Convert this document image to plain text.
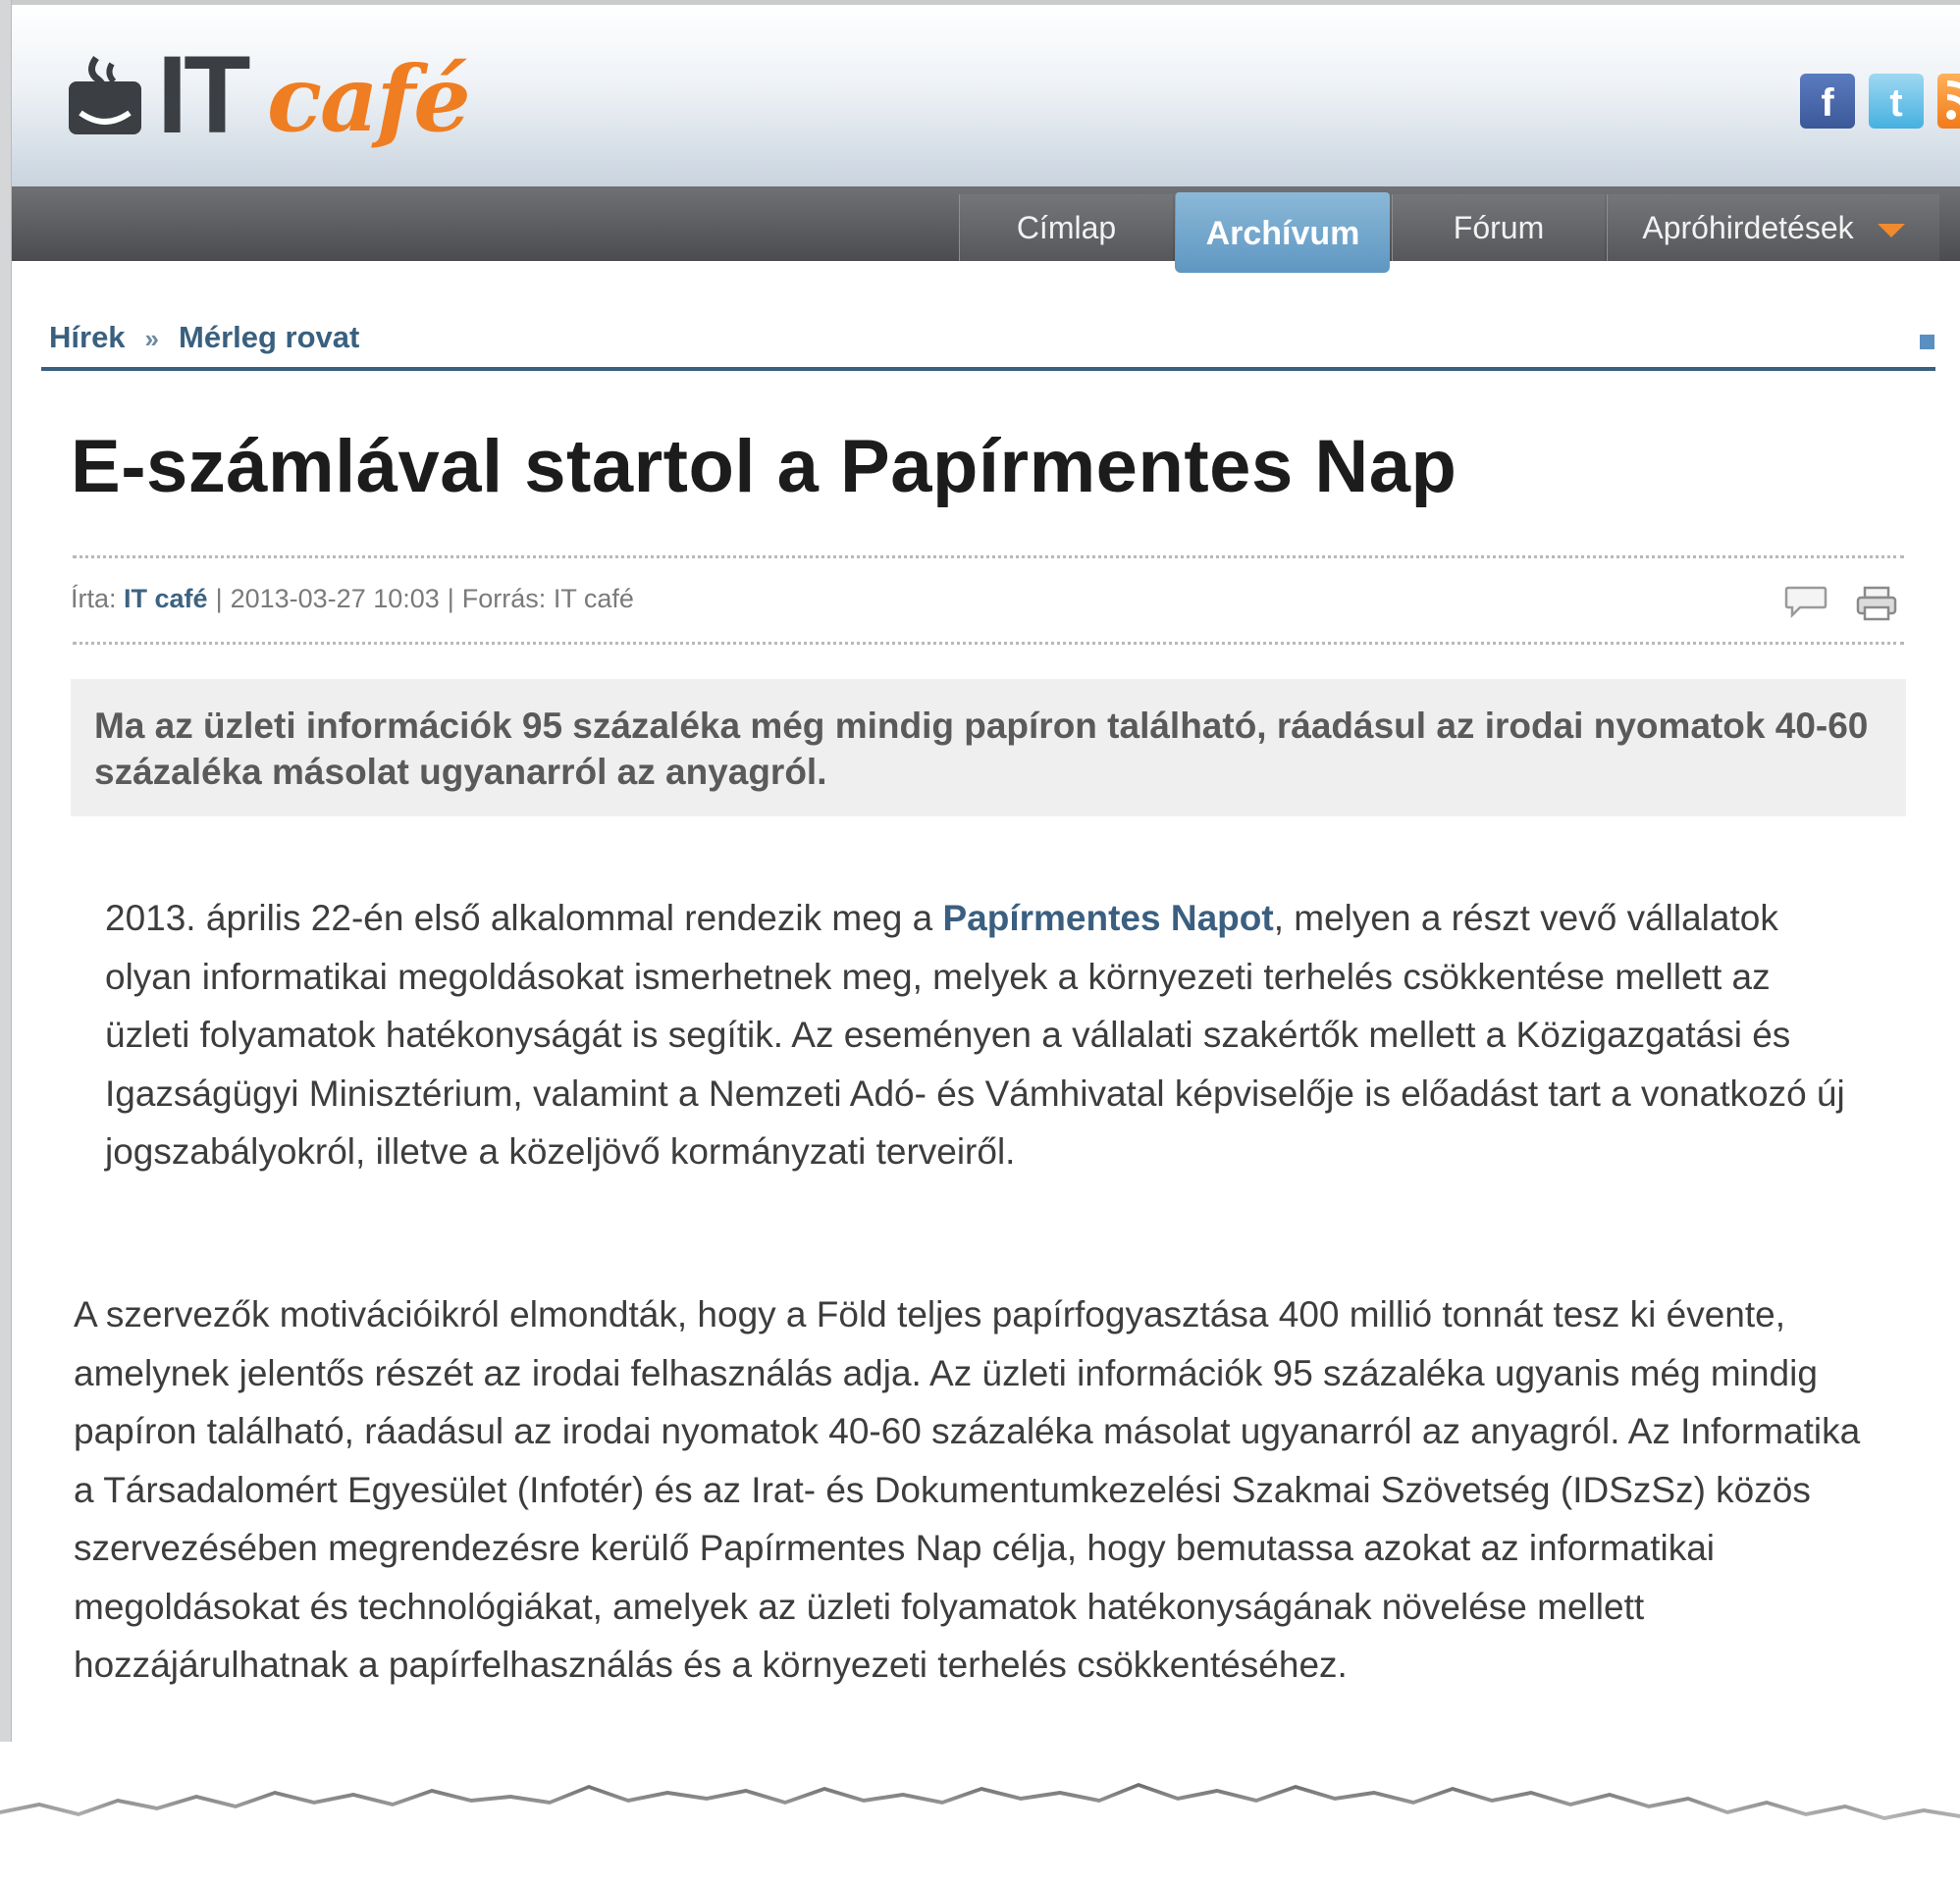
IT café	f	t
Címlap	Archívum	Fórum	Apróhirdetések
Hírek » Mérleg rovat
E-számlával startol a Papírmentes Nap
Írta: IT café | 2013-03-27 10:03 | Forrás: IT café
Ma az üzleti információk 95 százaléka még mindig papíron található, ráadásul az irodai nyomatok 40-60 százaléka másolat ugyanarról az anyagról.
2013. április 22-én első alkalommal rendezik meg a Papírmentes Napot, melyen a részt vevő vállalatok olyan informatikai megoldásokat ismerhetnek meg, melyek a környezeti terhelés csökkentése mellett az üzleti folyamatok hatékonyságát is segítik. Az eseményen a vállalati szakértők mellett a Közigazgatási és Igazságügyi Minisztérium, valamint a Nemzeti Adó- és Vámhivatal képviselője is előadást tart a vonatkozó új jogszabályokról, illetve a közeljövő kormányzati terveiről.
A szervezők motivációikról elmondták, hogy a Föld teljes papírfogyasztása 400 millió tonnát tesz ki évente, amelynek jelentős részét az irodai felhasználás adja. Az üzleti információk 95 százaléka ugyanis még mindig papíron található, ráadásul az irodai nyomatok 40-60 százaléka másolat ugyanarról az anyagról. Az Informatika a Társadalomért Egyesület (Infotér) és az Irat- és Dokumentumkezelési Szakmai Szövetség (IDSzSz) közös szervezésében megrendezésre kerülő Papírmentes Nap célja, hogy bemutassa azokat az informatikai megoldásokat és technológiákat, amelyek az üzleti folyamatok hatékonyságának növelése mellett hozzájárulhatnak a papírfelhasználás és a környezeti terhelés csökkentéséhez.
